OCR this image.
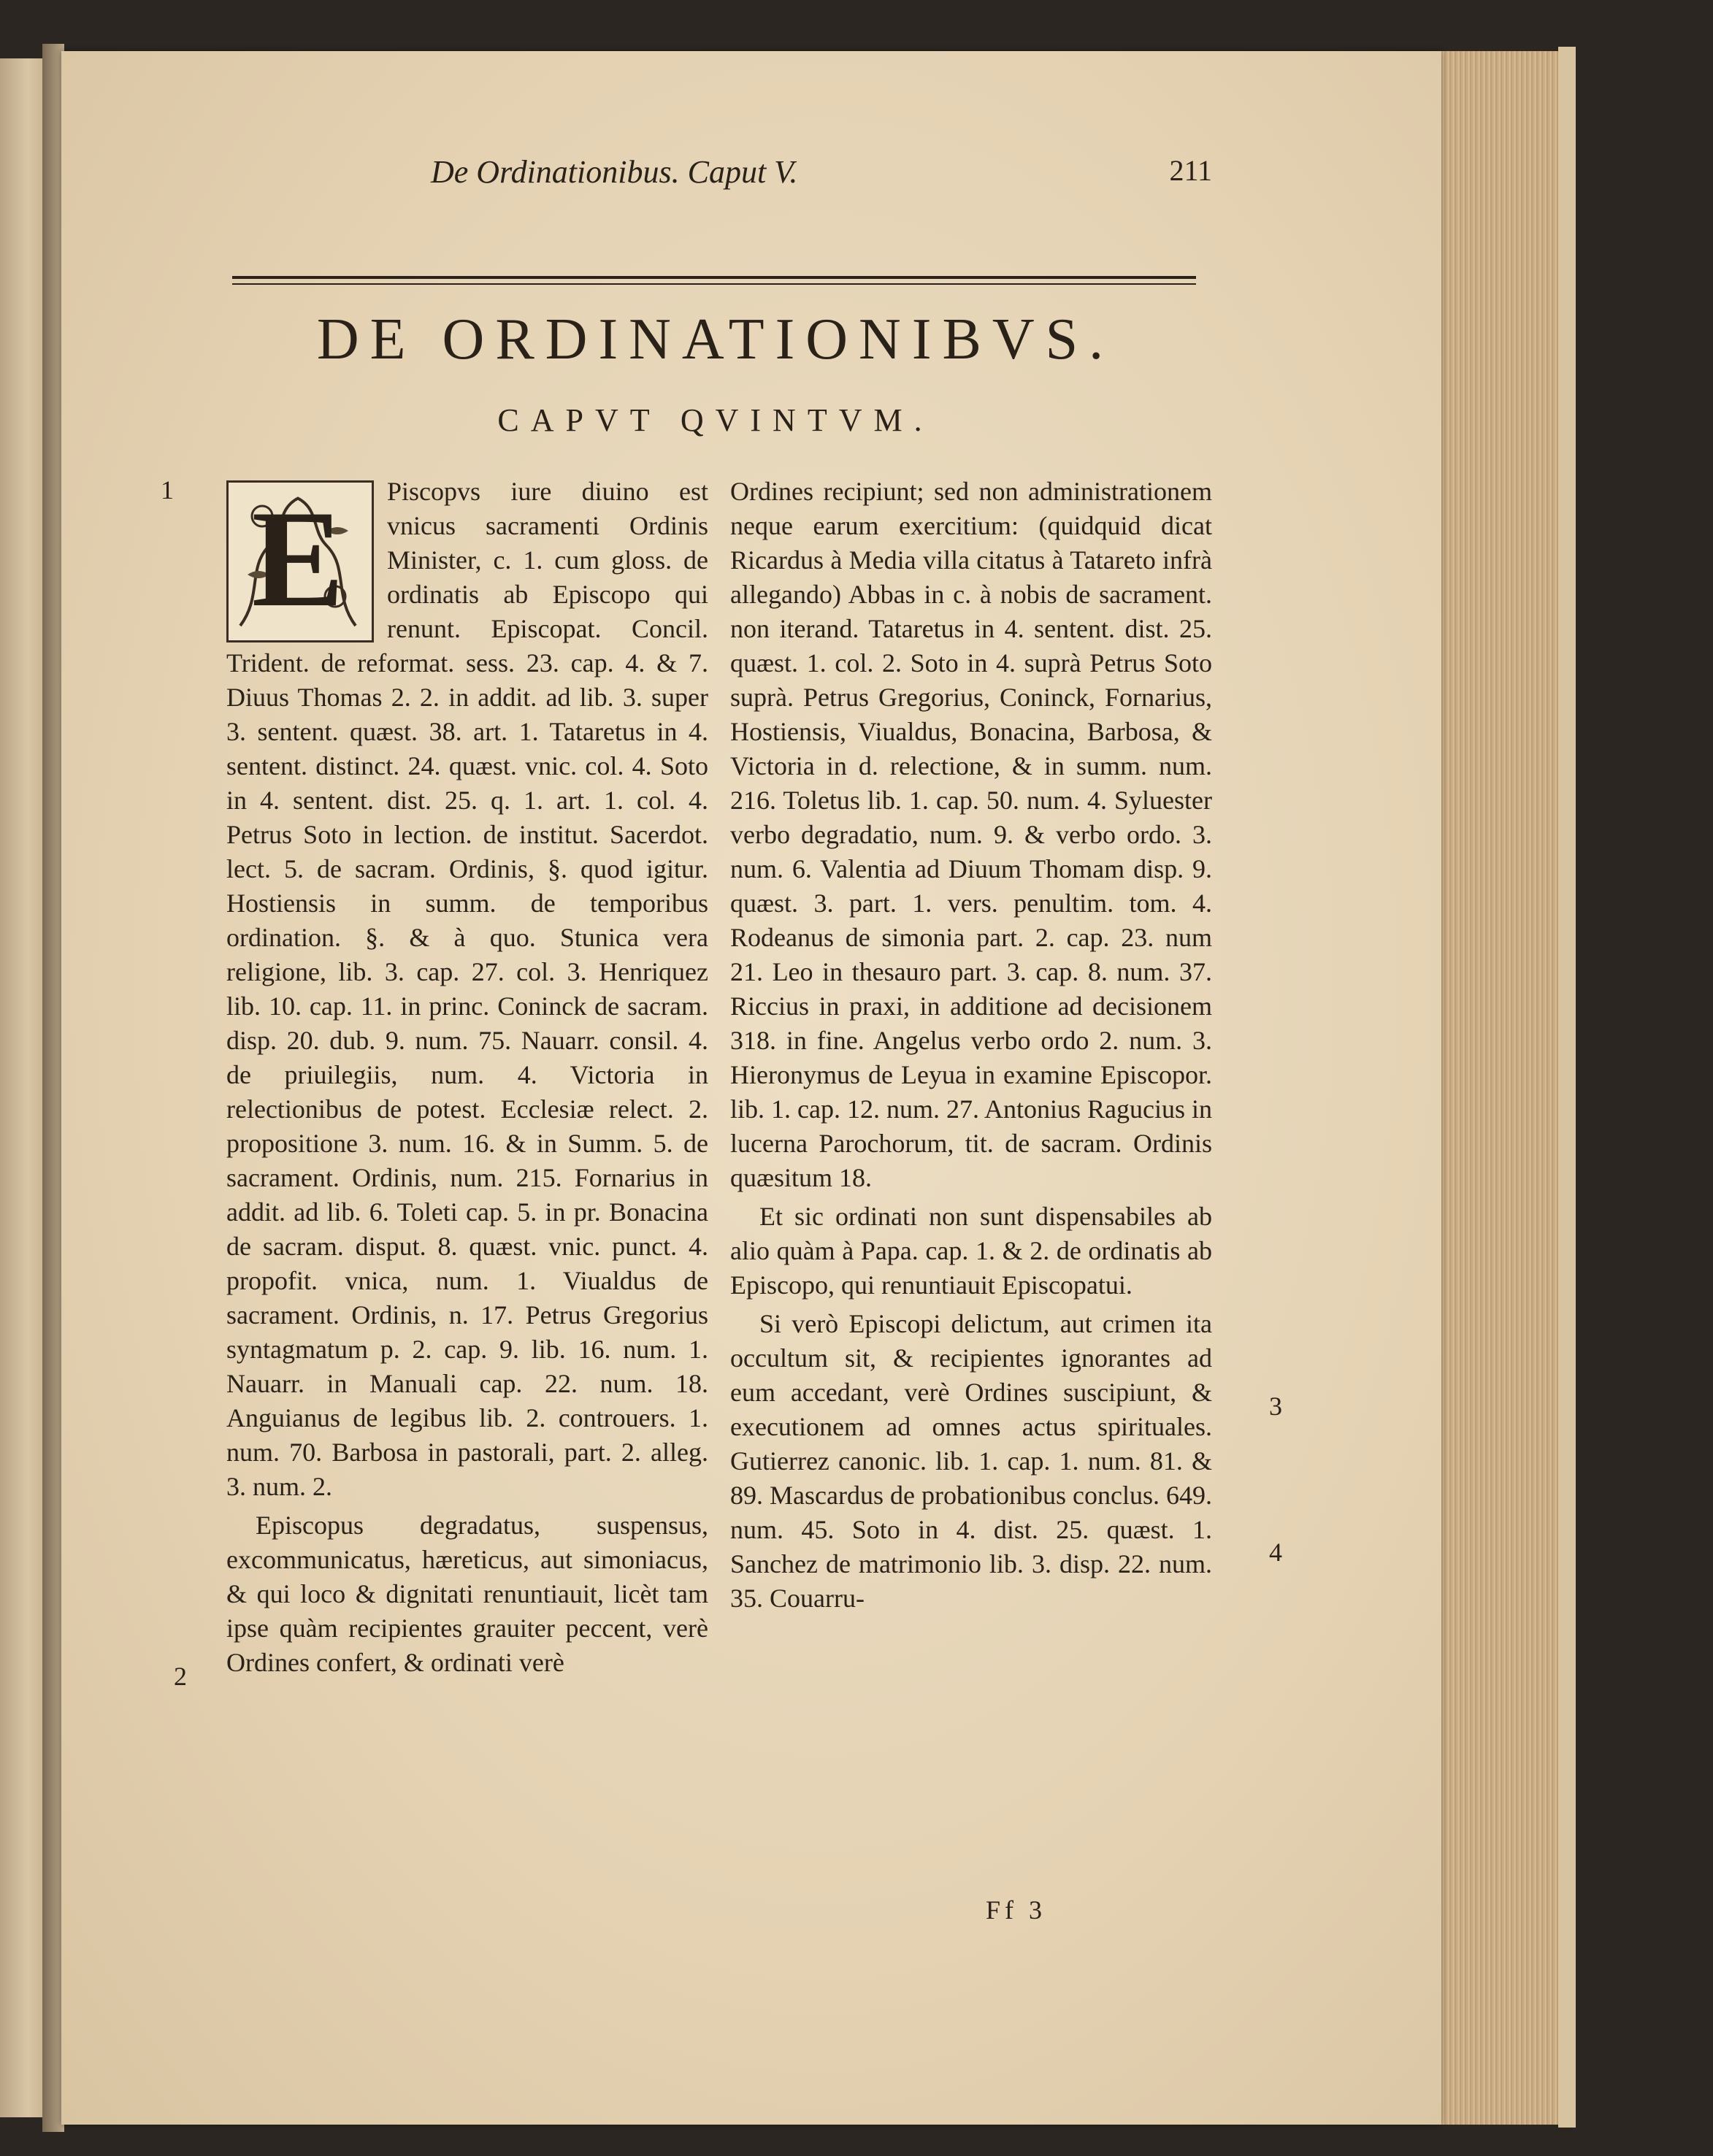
De Ordinationibus. Caput V.	211
DE ORDINATIONIBVS.
CAPVT QVINTVM.
1
2
3
4
E	Piscopvs iure diuino est vnicus sacramenti Ordinis Minister, c. 1. cum gloss. de ordinatis ab Episcopo qui renunt. Episcopat. Concil. Trident. de reformat. sess. 23. cap. 4. & 7. Diuus Thomas 2. 2. in addit. ad lib. 3. super 3. sentent. quæst. 38. art. 1. Tataretus in 4. sentent. distinct. 24. quæst. vnic. col. 4. Soto in 4. sentent. dist. 25. q. 1. art. 1. col. 4. Petrus Soto in lection. de institut. Sacerdot. lect. 5. de sacram. Ordinis, §. quod igitur. Hostiensis in summ. de temporibus ordination. §. & à quo. Stunica vera religione, lib. 3. cap. 27. col. 3. Henriquez lib. 10. cap. 11. in princ. Coninck de sacram. disp. 20. dub. 9. num. 75. Nauarr. consil. 4. de priuilegiis, num. 4. Victoria in relectionibus de potest. Ecclesiæ relect. 2. propositione 3. num. 16. & in Summ. 5. de sacrament. Ordinis, num. 215. Fornarius in addit. ad lib. 6. Toleti cap. 5. in pr. Bonacina de sacram. disput. 8. quæst. vnic. punct. 4. propofit. vnica, num. 1. Viualdus de sacrament. Ordinis, n. 17. Petrus Gregorius syntagmatum p. 2. cap. 9. lib. 16. num. 1. Nauarr. in Manuali cap. 22. num. 18. Anguianus de legibus lib. 2. controuers. 1. num. 70. Barbosa in pastorali, part. 2. alleg. 3. num. 2.

Episcopus degradatus, suspensus, excommunicatus, hæreticus, aut simoniacus, & qui loco & dignitati renuntiauit, licèt tam ipse quàm recipientes grauiter peccent, verè Ordines confert, & ordinati verè

Ordines recipiunt; sed non administrationem neque earum exercitium: (quidquid dicat Ricardus à Media villa citatus à Tatareto infrà allegando) Abbas in c. à nobis de sacrament. non iterand. Tataretus in 4. sentent. dist. 25. quæst. 1. col. 2. Soto in 4. suprà Petrus Soto suprà. Petrus Gregorius, Coninck, Fornarius, Hostiensis, Viualdus, Bonacina, Barbosa, & Victoria in d. relectione, & in summ. num. 216. Toletus lib. 1. cap. 50. num. 4. Syluester verbo degradatio, num. 9. & verbo ordo. 3. num. 6. Valentia ad Diuum Thomam disp. 9. quæst. 3. part. 1. vers. penultim. tom. 4. Rodeanus de simonia part. 2. cap. 23. num 21. Leo in thesauro part. 3. cap. 8. num. 37. Riccius in praxi, in additione ad decisionem 318. in fine. Angelus verbo ordo 2. num. 3. Hieronymus de Leyua in examine Episcopor. lib. 1. cap. 12. num. 27. Antonius Ragucius in lucerna Parochorum, tit. de sacram. Ordinis quæsitum 18.

Et sic ordinati non sunt dispensabiles ab alio quàm à Papa. cap. 1. & 2. de ordinatis ab Episcopo, qui renuntiauit Episcopatui.

Si verò Episcopi delictum, aut crimen ita occultum sit, & recipientes ignorantes ad eum accedant, verè Ordines suscipiunt, & executionem ad omnes actus spirituales. Gutierrez canonic. lib. 1. cap. 1. num. 81. & 89. Mascardus de probationibus conclus. 649. num. 45. Soto in 4. dist. 25. quæst. 1. Sanchez de matrimonio lib. 3. disp. 22. num. 35. Couarru-

Ff 3
